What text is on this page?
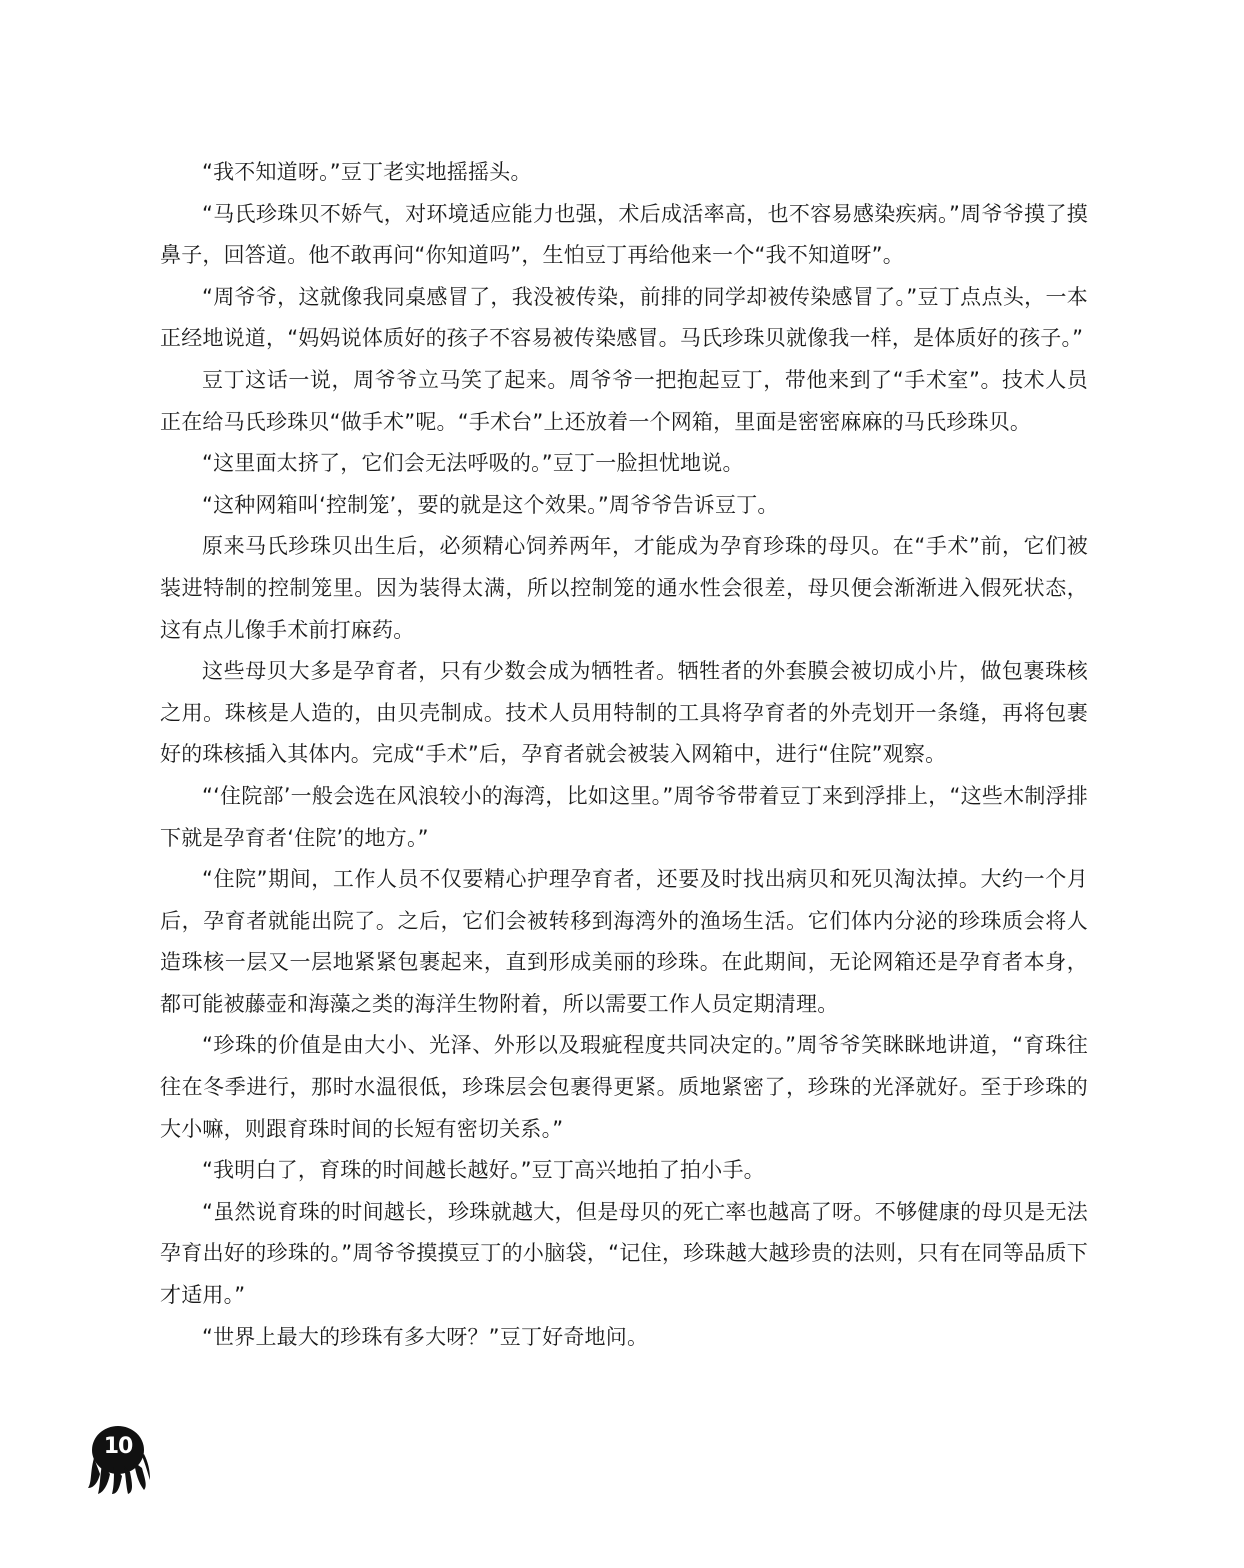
“我不知道呀。”豆丁老实地摇摇头。

“马氏珍珠贝不娇气，对环境适应能力也强，术后成活率高，也不容易感染疾病。”周爷爷摸了摸鼻子，回答道。他不敢再问“你知道吗”，生怕豆丁再给他来一个“我不知道呀”。

“周爷爷，这就像我同桌感冒了，我没被传染，前排的同学却被传染感冒了。”豆丁点点头，一本正经地说道，“妈妈说体质好的孩子不容易被传染感冒。马氏珍珠贝就像我一样，是体质好的孩子。”

豆丁这话一说，周爷爷立马笑了起来。周爷爷一把抱起豆丁，带他来到了“手术室”。技术人员正在给马氏珍珠贝“做手术”呢。“手术台”上还放着一个网箱，里面是密密麻麻的马氏珍珠贝。

“这里面太挤了，它们会无法呼吸的。”豆丁一脸担忧地说。

“这种网箱叫‘控制笼’，要的就是这个效果。”周爷爷告诉豆丁。

原来马氏珍珠贝出生后，必须精心饲养两年，才能成为孕育珍珠的母贝。在“手术”前，它们被装进特制的控制笼里。因为装得太满，所以控制笼的通水性会很差，母贝便会渐渐进入假死状态，这有点儿像手术前打麻药。

这些母贝大多是孕育者，只有少数会成为牺牲者。牺牲者的外套膜会被切成小片，做包裹珠核之用。珠核是人造的，由贝壳制成。技术人员用特制的工具将孕育者的外壳划开一条缝，再将包裹好的珠核插入其体内。完成“手术”后，孕育者就会被装入网箱中，进行“住院”观察。

“‘住院部’一般会选在风浪较小的海湾，比如这里。”周爷爷带着豆丁来到浮排上，“这些木制浮排下就是孕育者‘住院’的地方。”

“住院”期间，工作人员不仅要精心护理孕育者，还要及时找出病贝和死贝淘汰掉。大约一个月后，孕育者就能出院了。之后，它们会被转移到海湾外的渔场生活。它们体内分泌的珍珠质会将人造珠核一层又一层地紧紧包裹起来，直到形成美丽的珍珠。在此期间，无论网箱还是孕育者本身，都可能被藤壶和海藻之类的海洋生物附着，所以需要工作人员定期清理。

“珍珠的价值是由大小、光泽、外形以及瑕疵程度共同决定的。”周爷爷笑眯眯地讲道，“育珠往往在冬季进行，那时水温很低，珍珠层会包裹得更紧。质地紧密了，珍珠的光泽就好。至于珍珠的大小嘛，则跟育珠时间的长短有密切关系。”

“我明白了，育珠的时间越长越好。”豆丁高兴地拍了拍小手。

“虽然说育珠的时间越长，珍珠就越大，但是母贝的死亡率也越高了呀。不够健康的母贝是无法孕育出好的珍珠的。”周爷爷摸摸豆丁的小脑袋，“记住，珍珠越大越珍贵的法则，只有在同等品质下才适用。”

“世界上最大的珍珠有多大呀？”豆丁好奇地问。

10
